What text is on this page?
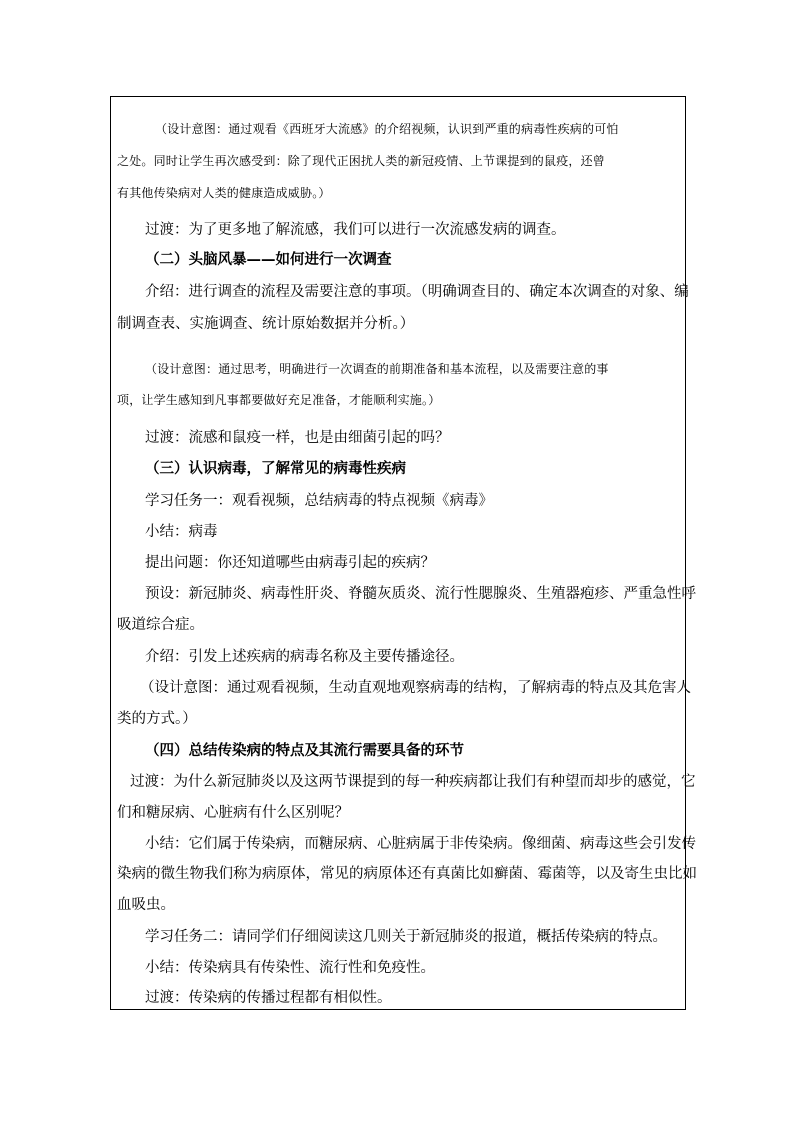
（设计意图：通过观看《西班牙大流感》的介绍视频，认识到严重的病毒性疾病的可怕
之处。同时让学生再次感受到：除了现代正困扰人类的新冠疫情、上节课提到的鼠疫，还曾
有其他传染病对人类的健康造成威胁。）
过渡：为了更多地了解流感，我们可以进行一次流感发病的调查。
（二）头脑风暴——如何进行一次调查
介绍：进行调查的流程及需要注意的事项。（明确调查目的、确定本次调查的对象、编
制调查表、实施调查、统计原始数据并分析。）
（设计意图：通过思考，明确进行一次调查的前期准备和基本流程，以及需要注意的事
项，让学生感知到凡事都要做好充足准备，才能顺利实施。）
过渡：流感和鼠疫一样，也是由细菌引起的吗？
（三）认识病毒，了解常见的病毒性疾病
学习任务一：观看视频，总结病毒的特点视频《病毒》
小结：病毒
提出问题：你还知道哪些由病毒引起的疾病？
预设：新冠肺炎、病毒性肝炎、脊髓灰质炎、流行性腮腺炎、生殖器疱疹、严重急性呼
吸道综合症。
介绍：引发上述疾病的病毒名称及主要传播途径。
（设计意图：通过观看视频，生动直观地观察病毒的结构，了解病毒的特点及其危害人
类的方式。）
（四）总结传染病的特点及其流行需要具备的环节
过渡：为什么新冠肺炎以及这两节课提到的每一种疾病都让我们有种望而却步的感觉，它
们和糖尿病、心脏病有什么区别呢？
小结：它们属于传染病，而糖尿病、心脏病属于非传染病。像细菌、病毒这些会引发传
染病的微生物我们称为病原体，常见的病原体还有真菌比如癣菌、霉菌等，以及寄生虫比如
血吸虫。
学习任务二：请同学们仔细阅读这几则关于新冠肺炎的报道，概括传染病的特点。
小结：传染病具有传染性、流行性和免疫性。
过渡：传染病的传播过程都有相似性。
